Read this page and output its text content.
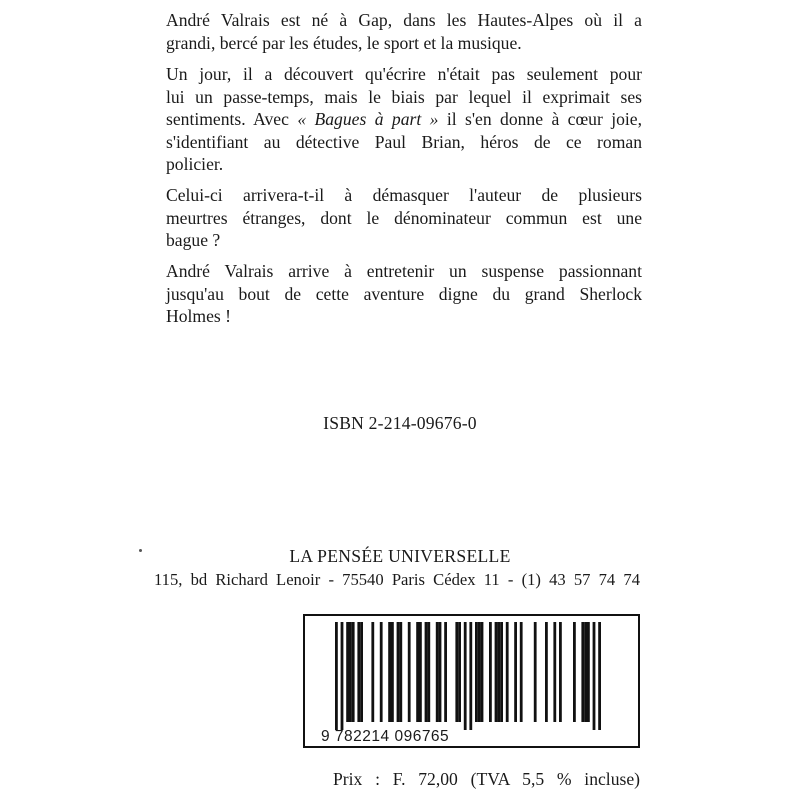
André Valrais est né à Gap, dans les Hautes-Alpes où il a
grandi, bercé par les études, le sport et la musique.
Un jour, il a découvert qu'écrire n'était pas seulement pour
lui un passe-temps, mais le biais par lequel il exprimait ses
sentiments. Avec « Bagues à part » il s'en donne à cœur joie,
s'identifiant au détective Paul Brian, héros de ce roman
policier.
Celui-ci arrivera-t-il à démasquer l'auteur de plusieurs
meurtres étranges, dont le dénominateur commun est une
bague ?
André Valrais arrive à entretenir un suspense passionnant
jusqu'au bout de cette aventure digne du grand Sherlock
Holmes !
ISBN 2-214-09676-0
LA PENSÉE UNIVERSELLE
115, bd Richard Lenoir - 75540 Paris Cédex 11 - (1) 43 57 74 74
9 782214 096765
Prix : F. 72,00 (TVA 5,5 % incluse)
